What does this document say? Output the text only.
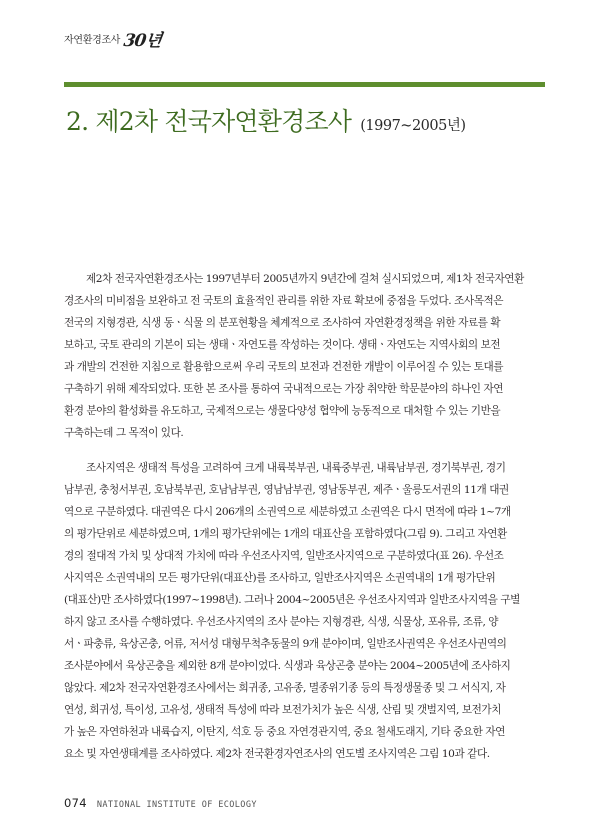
자연환경조사 30년
2. 제2차 전국자연환경조사 (1997~2005년)
제2차 전국자연환경조사는 1997년부터 2005년까지 9년간에 걸쳐 실시되었으며, 제1차 전국자연환
경조사의 미비점을 보완하고 전 국토의 효율적인 관리를 위한 자료 확보에 중점을 두었다. 조사목적은
전국의 지형경관, 식생 동ㆍ식물 의 분포현황을 체계적으로 조사하여 자연환경정책을 위한 자료를 확
보하고, 국토 관리의 기본이 되는 생태ㆍ자연도를 작성하는 것이다. 생태ㆍ자연도는 지역사회의 보전
과 개발의 건전한 지침으로 활용함으로써 우리 국토의 보전과 건전한 개발이 이루어질 수 있는 토대를
구축하기 위해 제작되었다. 또한 본 조사를 통하여 국내적으로는 가장 취약한 학문분야의 하나인 자연
환경 분야의 활성화를 유도하고, 국제적으로는 생물다양성 협약에 능동적으로 대처할 수 있는 기반을
구축하는데 그 목적이 있다.
조사지역은 생태적 특성을 고려하여 크게 내륙북부권, 내륙중부권, 내륙남부권, 경기북부권, 경기
남부권, 충청서부권, 호남북부권, 호남남부권, 영남남부권, 영남동부권, 제주ㆍ울릉도서권의 11개 대권
역으로 구분하였다. 대권역은 다시 206개의 소권역으로 세분하였고 소권역은 다시 면적에 따라 1~7개
의 평가단위로 세분하였으며, 1개의 평가단위에는 1개의 대표산을 포함하였다(그림 9). 그리고 자연환
경의 절대적 가치 및 상대적 가치에 따라 우선조사지역, 일반조사지역으로 구분하였다(표 26). 우선조
사지역은 소권역내의 모든 평가단위(대표산)를 조사하고, 일반조사지역은 소권역내의 1개 평가단위
(대표산)만 조사하였다(1997~1998년). 그러나 2004~2005년은 우선조사지역과 일반조사지역을 구별
하지 않고 조사를 수행하였다. 우선조사지역의 조사 분야는 지형경관, 식생, 식물상, 포유류, 조류, 양
서ㆍ파충류, 육상곤충, 어류, 저서성 대형무척추동물의 9개 분야이며, 일반조사권역은 우선조사권역의
조사분야에서 육상곤충을 제외한 8개 분야이었다. 식생과 육상곤충 분야는 2004~2005년에 조사하지
않았다. 제2차 전국자연환경조사에서는 희귀종, 고유종, 멸종위기종 등의 특정생물종 및 그 서식지, 자
연성, 희귀성, 특이성, 고유성, 생태적 특성에 따라 보전가치가 높은 식생, 산림 및 갯벌지역, 보전가치
가 높은 자연하천과 내륙습지, 이탄지, 석호 등 중요 자연경관지역, 중요 철새도래지, 기타 중요한 자연
요소 및 자연생태계를 조사하였다. 제2차 전국환경자연조사의 연도별 조사지역은 그림 10과 같다.
074 NATIONAL INSTITUTE OF ECOLOGY
